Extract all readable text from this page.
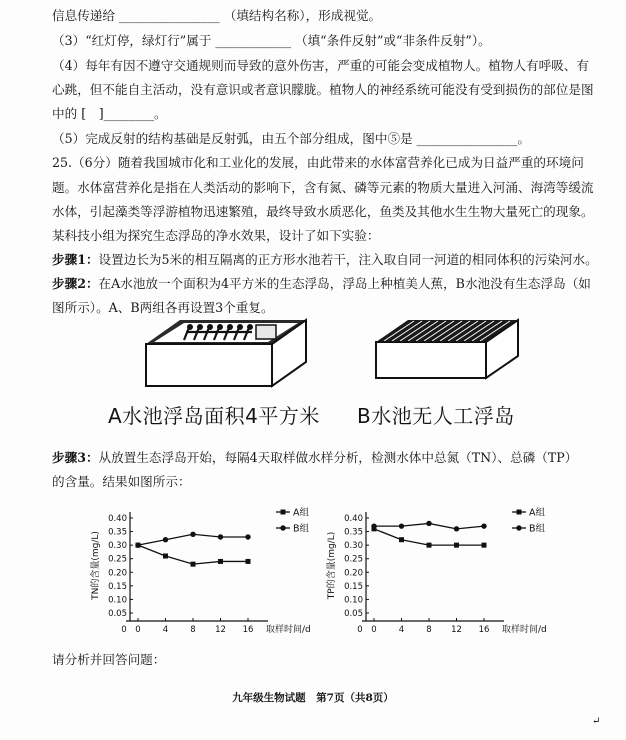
信息传递给 ________________ （填结构名称），形成视觉。
（3）“红灯停，绿灯行”属于 ____________ （填“条件反射”或“非条件反射”）。
（4）每年有因不遵守交通规则而导致的意外伤害，严重的可能会变成植物人。植物人有呼吸、有
心跳，但不能自主活动，没有意识或者意识朦胧。植物人的神经系统可能没有受到损伤的部位是图
中的 [　]________。
（5）完成反射的结构基础是反射弧，由五个部分组成，图中⑤是 ________________。
25.（6分）随着我国城市化和工业化的发展，由此带来的水体富营养化已成为日益严重的环境问
题。水体富营养化是指在人类活动的影响下，含有氮、磷等元素的物质大量进入河涌、海湾等缓流
水体，引起藻类等浮游植物迅速繁殖，最终导致水质恶化，鱼类及其他水生生物大量死亡的现象。
某科技小组为探究生态浮岛的净水效果，设计了如下实验：
步骤1：设置边长为5米的相互隔离的正方形水池若干，注入取自同一河道的相同体积的污染河水。
步骤2：在A水池放一个面积为4平方米的生态浮岛，浮岛上种植美人蕉，B水池没有生态浮岛（如
图所示）。A、B两组各再设置3个重复。
A水池浮岛面积4平方米 B水池无人工浮岛
步骤3：从放置生态浮岛开始，每隔4天取样做水样分析，检测水体中总氮（TN）、总磷（TP）
的含量。结果如图所示：
0.05
0.10
0.15
0.20
0.25
0.30
0.35
0.40
0	4	8 12 16
0	取样时间/d
TN的含量(mg/L)
A组
B组
0.05
0.10
0.15
0.20
0.25
0.30
0.35
0.40
0	4	8 12 16
0	取样时间/d
TP的含量(mg/L)
A组
B组
请分析并回答问题：
九年级生物试题　第7页（共8页）
↵
